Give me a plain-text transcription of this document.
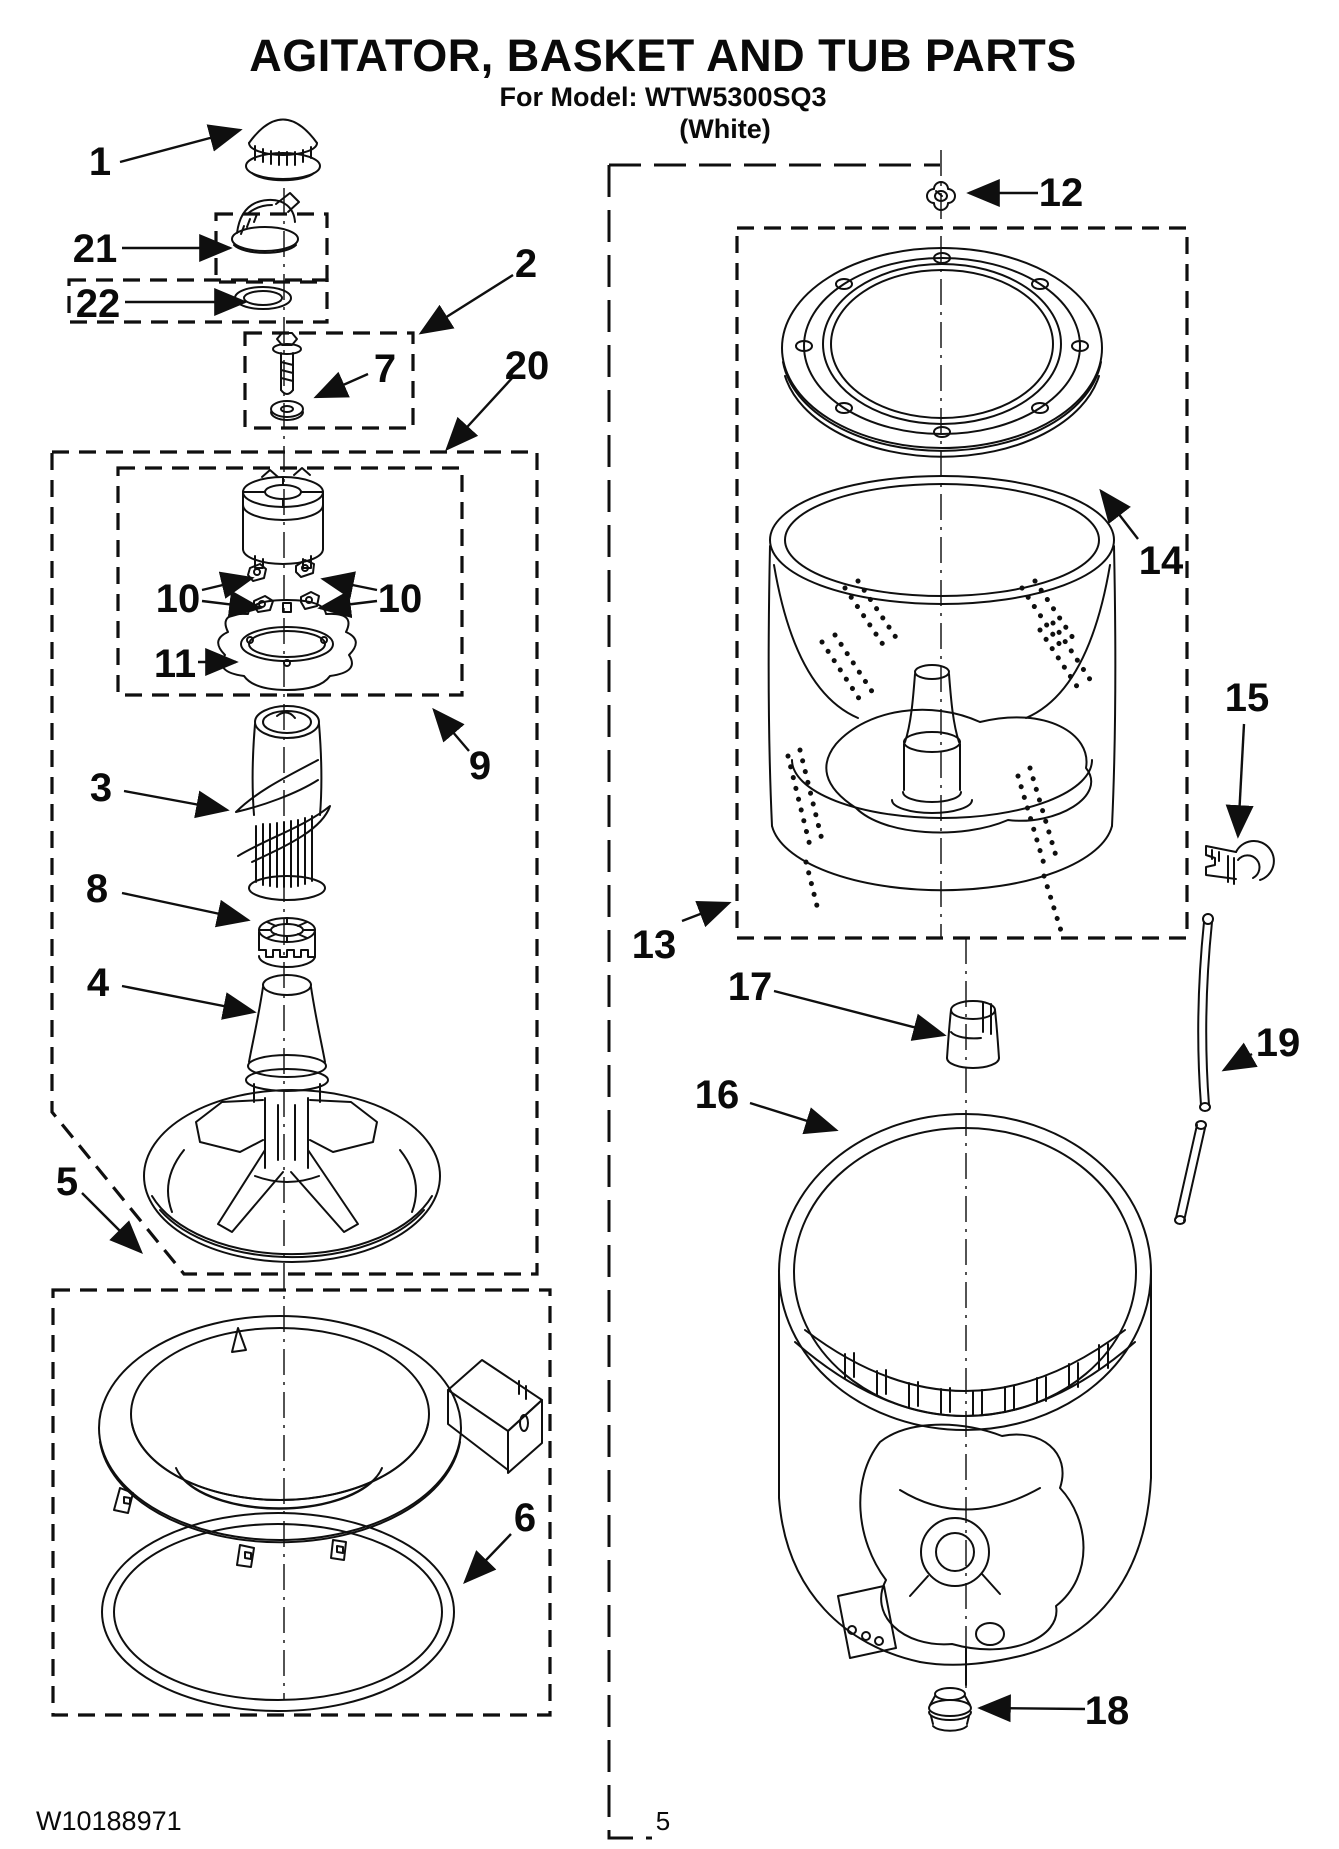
AGITATOR, BASKET AND TUB PARTS
For Model: WTW5300SQ3
(White)
1
21
22
2
7	20
10	10
11
9
3
8
4
5
6
12
14
13
15
17
16
19
18
W10188971	5
